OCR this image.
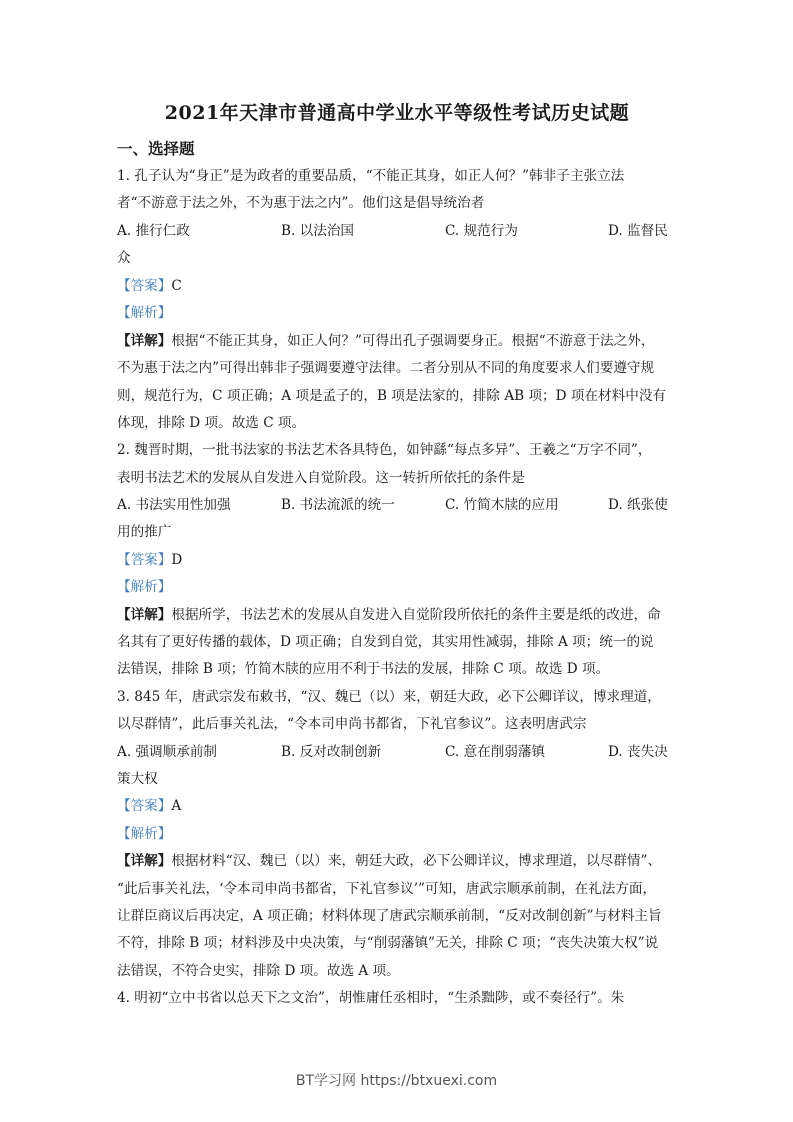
2021年天津市普通高中学业水平等级性考试历史试题
一、选择题
1. 孔子认为“身正”是为政者的重要品质，“不能正其身，如正人何？”韩非子主张立法
者“不游意于法之外，不为惠于法之内”。他们这是倡导统治者
A. 推行仁政	B. 以法治国	C. 规范行为	D. 监督民
众
【答案】C
【解析】
【详解】根据“不能正其身，如正人何？”可得出孔子强调要身正。根据“不游意于法之外，
不为惠于法之内”可得出韩非子强调要遵守法律。二者分别从不同的角度要求人们要遵守规
则，规范行为，C 项正确；A 项是孟子的，B 项是法家的，排除 AB 项；D 项在材料中没有
体现，排除 D 项。故选 C 项。
2. 魏晋时期，一批书法家的书法艺术各具特色，如钟繇“每点多异”、王羲之“万字不同”，
表明书法艺术的发展从自发进入自觉阶段。这一转折所依托的条件是
A. 书法实用性加强	B. 书法流派的统一	C. 竹简木牍的应用	D. 纸张使
用的推广
【答案】D
【解析】
【详解】根据所学，书法艺术的发展从自发进入自觉阶段所依托的条件主要是纸的改进，命
名其有了更好传播的载体，D 项正确；自发到自觉，其实用性减弱，排除 A 项；统一的说
法错误，排除 B 项；竹简木牍的应用不利于书法的发展，排除 C 项。故选 D 项。
3. 845 年，唐武宗发布敕书，“汉、魏已（以）来，朝廷大政，必下公卿详议，博求理道，
以尽群情”，此后事关礼法，“令本司申尚书都省，下礼官参议”。这表明唐武宗
A. 强调顺承前制	B. 反对改制创新	C. 意在削弱藩镇	D. 丧失决
策大权
【答案】A
【解析】
【详解】根据材料“汉、魏已（以）来，朝廷大政，必下公卿详议，博求理道，以尽群情”、
“此后事关礼法，‘令本司申尚书都省，下礼官参议’”可知，唐武宗顺承前制，在礼法方面，
让群臣商议后再决定，A 项正确；材料体现了唐武宗顺承前制，“反对改制创新”与材料主旨
不符，排除 B 项；材料涉及中央决策，与“削弱藩镇”无关，排除 C 项；“丧失决策大权”说
法错误，不符合史实，排除 D 项。故选 A 项。
4. 明初“立中书省以总天下之文治”，胡惟庸任丞相时，“生杀黜陟，或不奏径行”。朱
BT学习网 https://btxuexi.com
